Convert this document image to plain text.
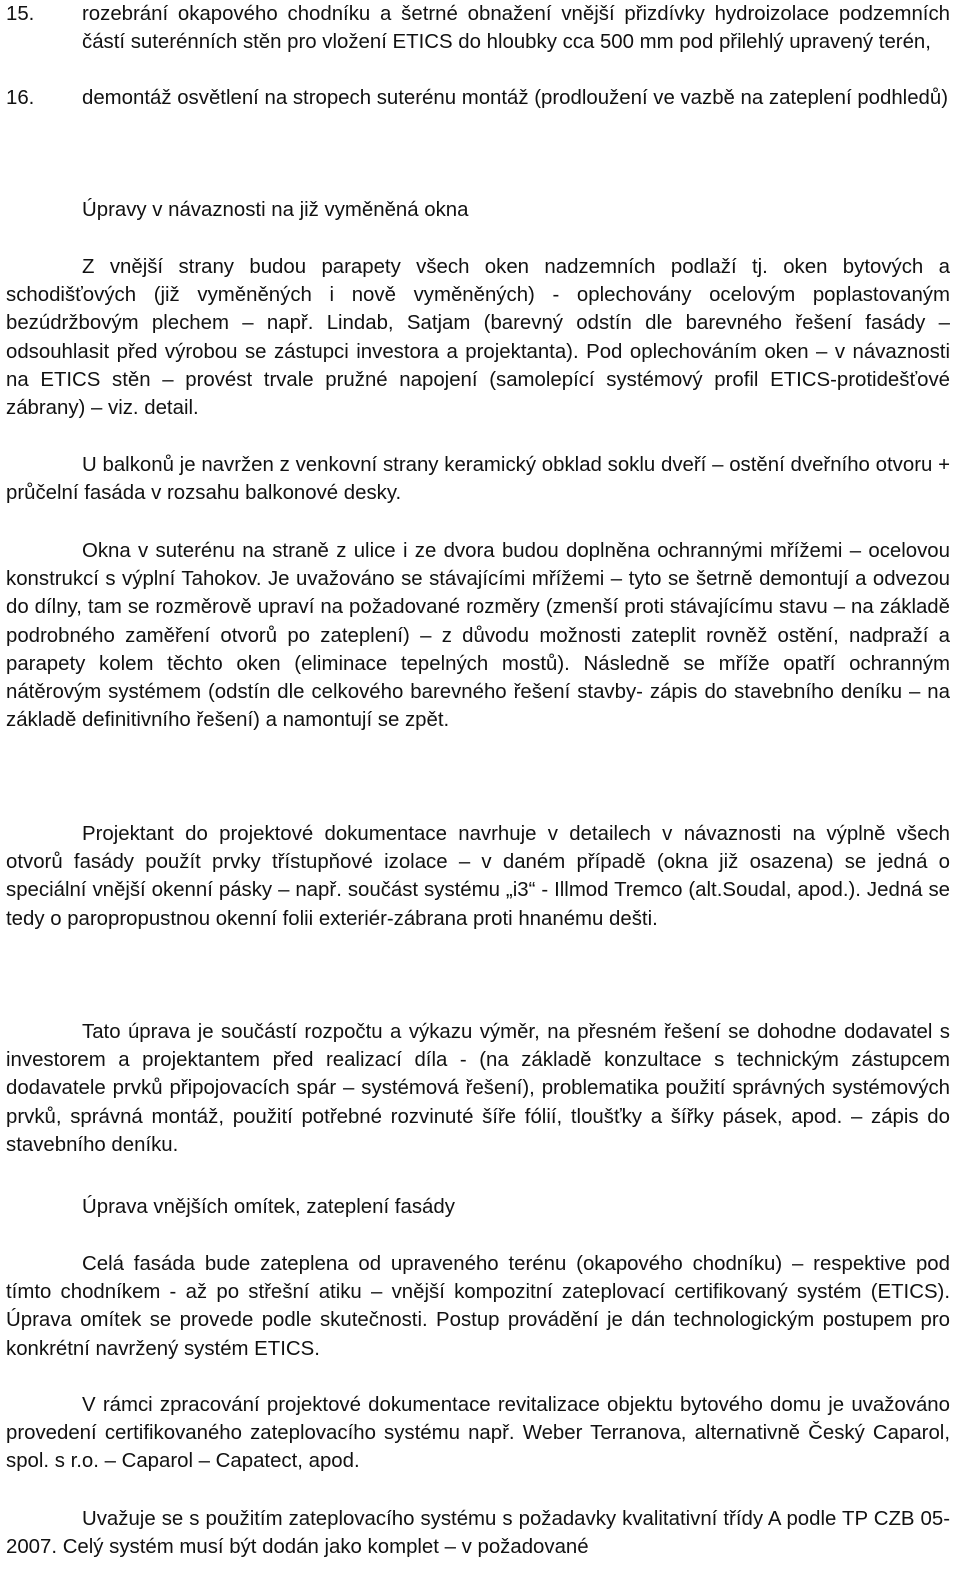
15.	rozebrání okapového chodníku a šetrné obnažení vnější přizdívky hydroizolace podzemních částí suterénních stěn pro vložení ETICS do hloubky cca 500 mm pod přilehlý upravený terén,
16.	demontáž osvětlení na stropech suterénu montáž (prodloužení ve vazbě na zateplení podhledů)

Úpravy v návaznosti na již vyměněná okna

Z vnější strany budou parapety všech oken nadzemních podlaží tj. oken bytových a schodišťových (již vyměněných i nově vyměněných) - oplechovány ocelovým poplastovaným bezúdržbovým plechem – např. Lindab, Satjam (barevný odstín dle barevného řešení fasády – odsouhlasit před výrobou se zástupci investora a projektanta). Pod oplechováním oken – v návaznosti na ETICS stěn – provést trvale pružné napojení (samolepící systémový profil ETICS-protidešťové zábrany) – viz. detail.

U balkonů je navržen z venkovní strany keramický obklad soklu dveří – ostění dveřního otvoru + průčelní fasáda v rozsahu balkonové desky.

Okna v suterénu na straně z ulice i ze dvora budou doplněna ochrannými mřížemi – ocelovou konstrukcí s výplní Tahokov. Je uvažováno se stávajícími mřížemi – tyto se šetrně demontují a odvezou do dílny, tam se rozměrově upraví na požadované rozměry (zmenší proti stávajícímu stavu – na základě podrobného zaměření otvorů po zateplení) – z důvodu možnosti zateplit rovněž ostění, nadpraží a parapety kolem těchto oken (eliminace tepelných mostů). Následně se mříže opatří ochranným nátěrovým systémem (odstín dle celkového barevného řešení stavby- zápis do stavebního deníku – na základě definitivního řešení) a namontují se zpět.

Projektant do projektové dokumentace navrhuje v detailech v návaznosti na výplně všech otvorů fasády použít prvky třístupňové izolace – v daném případě (okna již osazena) se jedná o speciální vnější okenní pásky – např. součást systému „i3“ - Illmod Tremco (alt.Soudal, apod.). Jedná se tedy o paropropustnou okenní folii exteriér-zábrana proti hnanému dešti.

Tato úprava je součástí rozpočtu a výkazu výměr, na přesném řešení se dohodne dodavatel s investorem a projektantem před realizací díla - (na základě konzultace s technickým zástupcem dodavatele prvků připojovacích spár – systémová řešení), problematika použití správných systémových prvků, správná montáž, použití potřebné rozvinuté šíře fólií, tloušťky a šířky pásek, apod. – zápis do stavebního deníku.

Úprava vnějších omítek, zateplení fasády

Celá fasáda bude zateplena od upraveného terénu (okapového chodníku) – respektive pod tímto chodníkem - až po střešní atiku – vnější kompozitní zateplovací certifikovaný systém (ETICS). Úprava omítek se provede podle skutečnosti. Postup provádění je dán technologickým postupem pro konkrétní navržený systém ETICS.

V rámci zpracování projektové dokumentace revitalizace objektu bytového domu je uvažováno provedení certifikovaného zateplovacího systému např. Weber Terranova, alternativně Český Caparol, spol. s r.o. – Caparol – Capatect, apod.

Uvažuje se s použitím zateplovacího systému s požadavky kvalitativní třídy A podle TP CZB 05-2007. Celý systém musí být dodán jako komplet – v požadované
